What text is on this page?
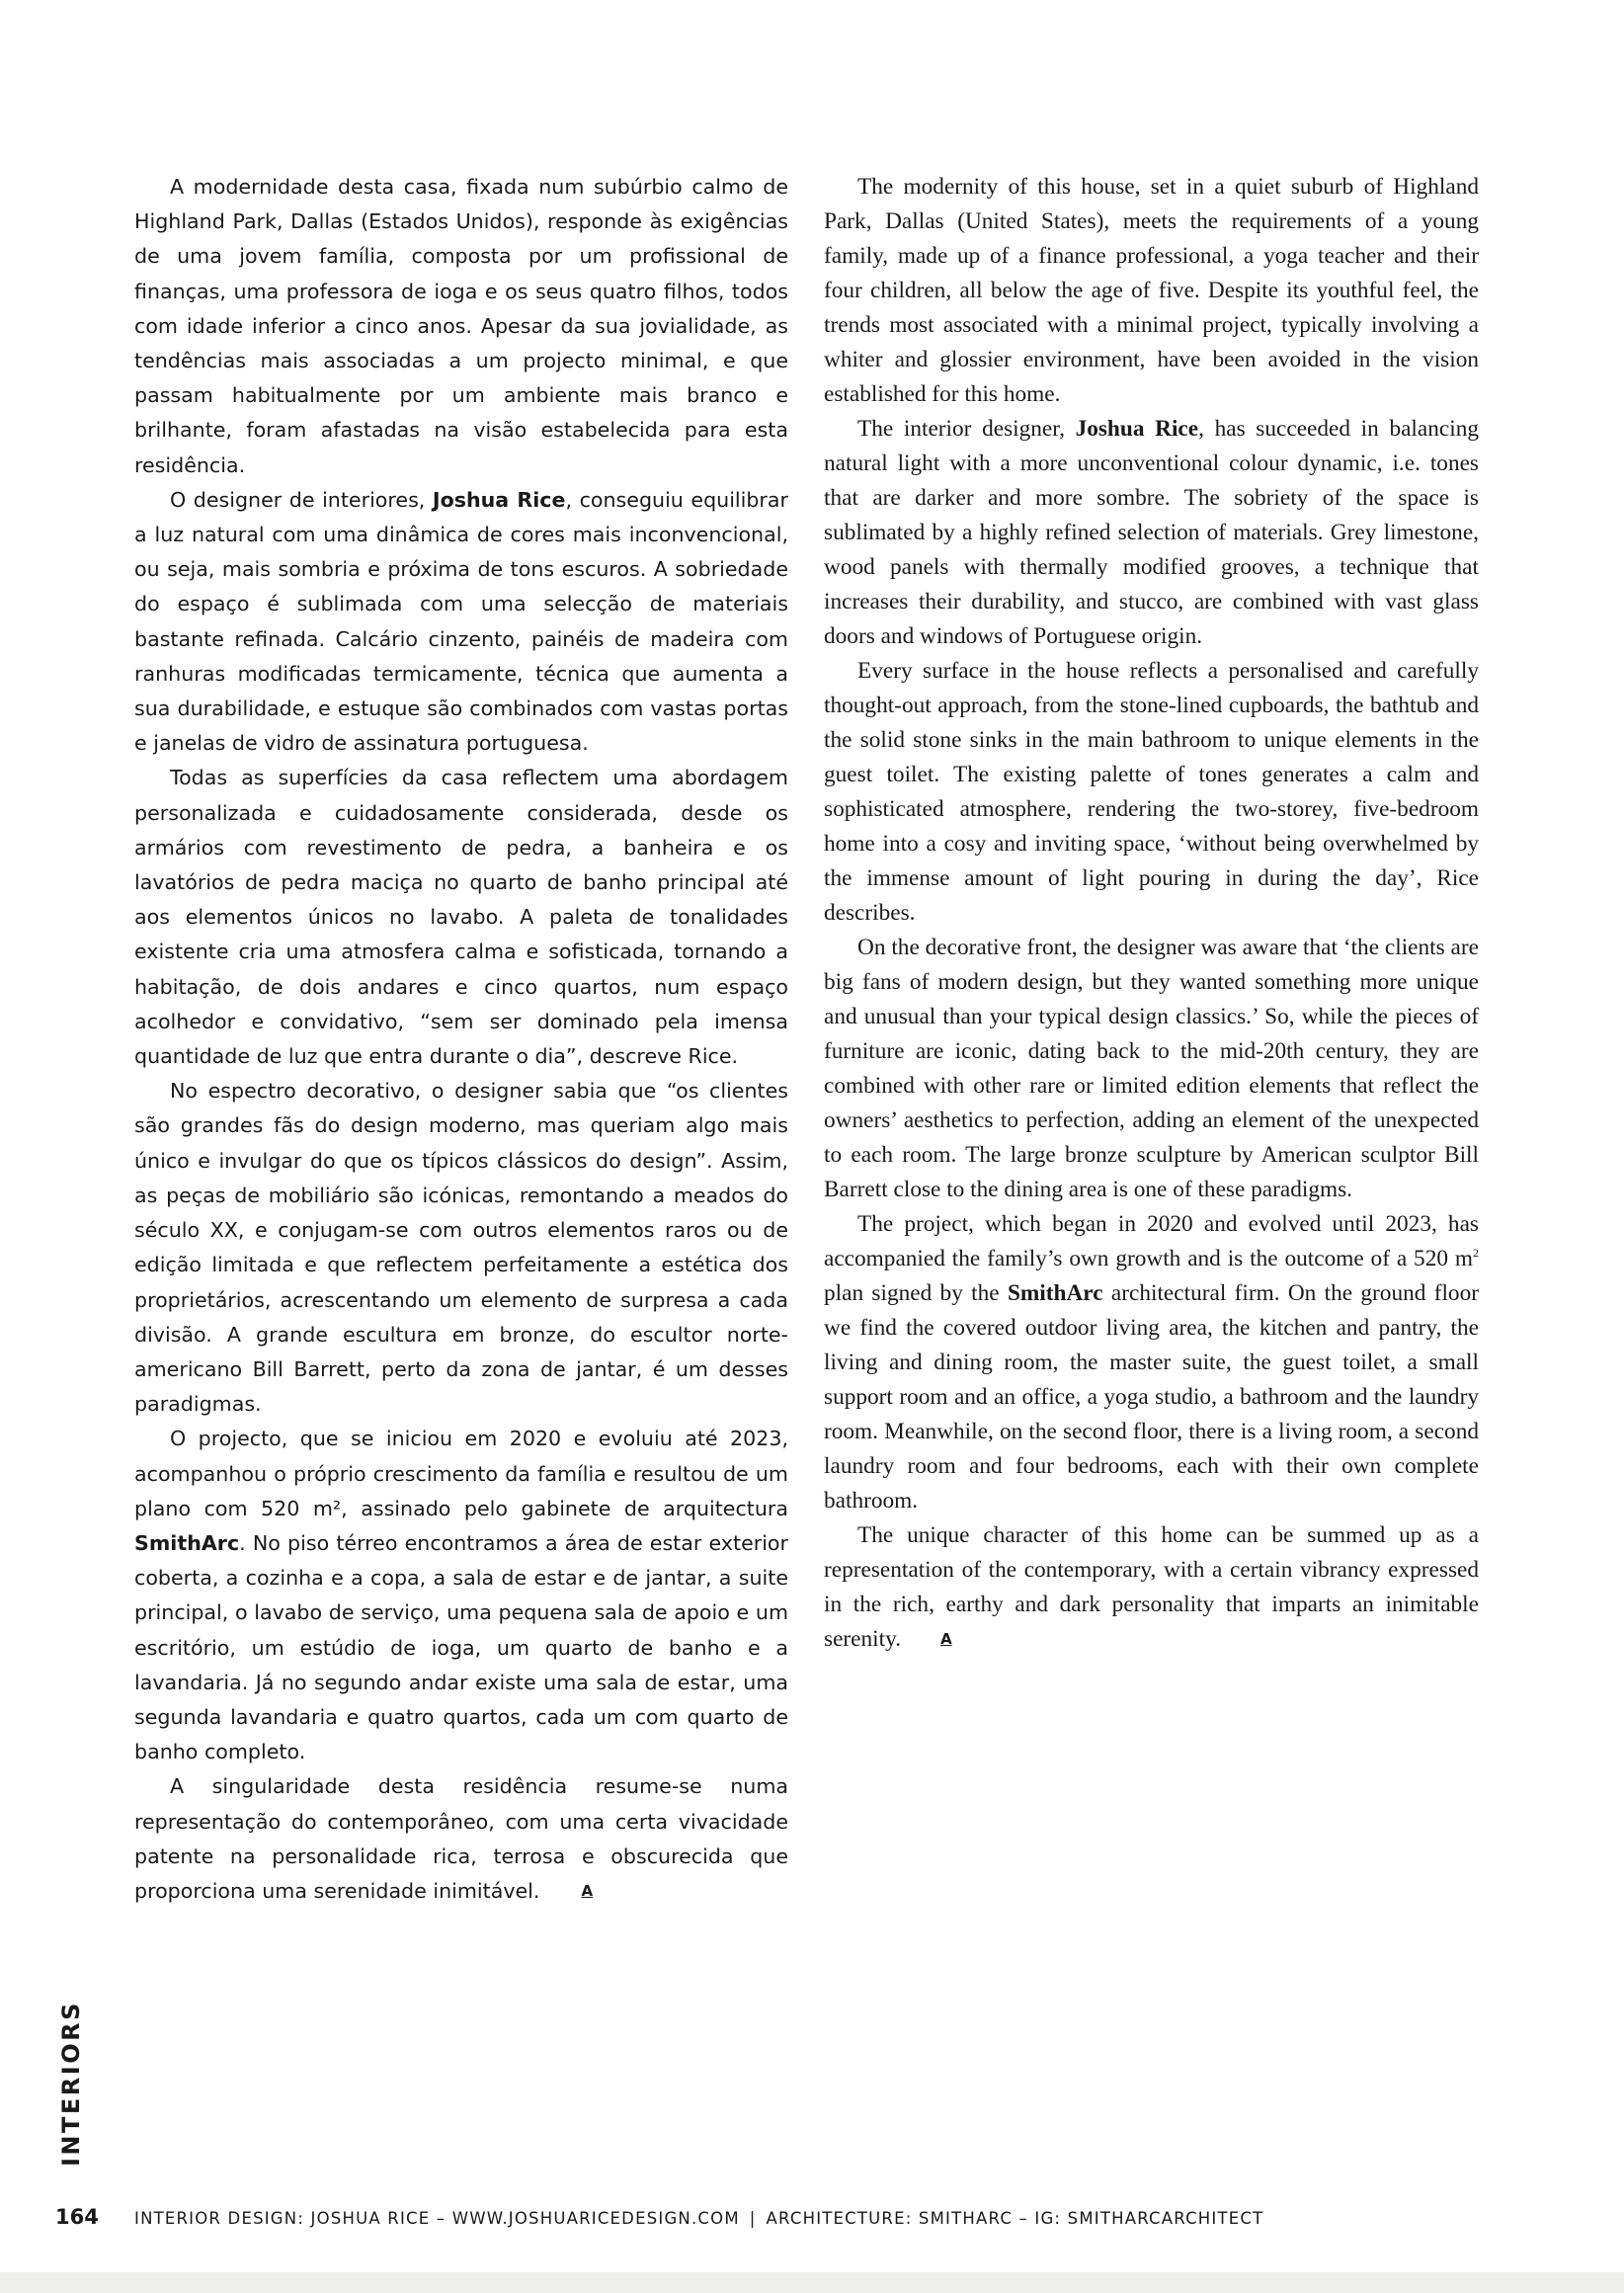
A modernidade desta casa, fixada num subúrbio calmo de Highland Park, Dallas (Estados Unidos), responde às exigências de uma jovem família, composta por um profissional de finanças, uma professora de ioga e os seus quatro filhos, todos com idade inferior a cinco anos. Apesar da sua jovialidade, as tendências mais associadas a um projecto minimal, e que passam habitualmente por um ambiente mais branco e brilhante, foram afastadas na visão estabelecida para esta residência.

O designer de interiores, Joshua Rice, conseguiu equilibrar a luz natural com uma dinâmica de cores mais inconvencional, ou seja, mais sombria e próxima de tons escuros. A sobriedade do espaço é sublimada com uma selecção de materiais bastante refinada. Calcário cinzento, painéis de madeira com ranhuras modificadas termicamente, técnica que aumenta a sua durabilidade, e estuque são combinados com vastas portas e janelas de vidro de assinatura portuguesa.

Todas as superfícies da casa reflectem uma abordagem personalizada e cuidadosamente considerada, desde os armários com revestimento de pedra, a banheira e os lavatórios de pedra maciça no quarto de banho principal até aos elementos únicos no lavabo. A paleta de tonalidades existente cria uma atmosfera calma e sofisticada, tornando a habitação, de dois andares e cinco quartos, num espaço acolhedor e convidativo, “sem ser dominado pela imensa quantidade de luz que entra durante o dia”, descreve Rice.

No espectro decorativo, o designer sabia que “os clientes são grandes fãs do design moderno, mas queriam algo mais único e invulgar do que os típicos clássicos do design”. Assim, as peças de mobiliário são icónicas, remontando a meados do século XX, e conjugam-se com outros elementos raros ou de edição limitada e que reflectem perfeitamente a estética dos proprietários, acrescentando um elemento de surpresa a cada divisão. A grande escultura em bronze, do escultor norte-americano Bill Barrett, perto da zona de jantar, é um desses paradigmas.

O projecto, que se iniciou em 2020 e evoluiu até 2023, acompanhou o próprio crescimento da família e resultou de um plano com 520 m², assinado pelo gabinete de arquitectura SmithArc. No piso térreo encontramos a área de estar exterior coberta, a cozinha e a copa, a sala de estar e de jantar, a suite principal, o lavabo de serviço, uma pequena sala de apoio e um escritório, um estúdio de ioga, um quarto de banho e a lavandaria. Já no segundo andar existe uma sala de estar, uma segunda lavandaria e quatro quartos, cada um com quarto de banho completo.

A singularidade desta residência resume-se numa representação do contemporâneo, com uma certa vivacidade patente na personalidade rica, terrosa e obscurecida que proporciona uma serenidade inimitável.	A

The modernity of this house, set in a quiet suburb of Highland Park, Dallas (United States), meets the requirements of a young family, made up of a finance professional, a yoga teacher and their four children, all below the age of five. Despite its youthful feel, the trends most associated with a minimal project, typically involving a whiter and glossier environment, have been avoided in the vision established for this home.

The interior designer, Joshua Rice, has succeeded in balancing natural light with a more unconventional colour dynamic, i.e. tones that are darker and more sombre. The sobriety of the space is sublimated by a highly refined selection of materials. Grey limestone, wood panels with thermally modified grooves, a technique that increases their durability, and stucco, are combined with vast glass doors and windows of Portuguese origin.

Every surface in the house reflects a personalised and carefully thought-out approach, from the stone-lined cupboards, the bathtub and the solid stone sinks in the main bathroom to unique elements in the guest toilet. The existing palette of tones generates a calm and sophisticated atmosphere, rendering the two-storey, five-bedroom home into a cosy and inviting space, ‘without being overwhelmed by the immense amount of light pouring in during the day’, Rice describes.

On the decorative front, the designer was aware that ‘the clients are big fans of modern design, but they wanted something more unique and unusual than your typical design classics.’ So, while the pieces of furniture are iconic, dating back to the mid-20th century, they are combined with other rare or limited edition elements that reflect the owners’ aesthetics to perfection, adding an element of the unexpected to each room. The large bronze sculpture by American sculptor Bill Barrett close to the dining area is one of these paradigms.

The project, which began in 2020 and evolved until 2023, has accompanied the family’s own growth and is the outcome of a 520 $m^2$ plan signed by the SmithArc architectural firm. On the ground floor we find the covered outdoor living area, the kitchen and pantry, the living and dining room, the master suite, the guest toilet, a small support room and an office, a yoga studio, a bathroom and the laundry room. Meanwhile, on the second floor, there is a living room, a second laundry room and four bedrooms, each with their own complete bathroom.

The unique character of this home can be summed up as a representation of the contemporary, with a certain vibrancy expressed in the rich, earthy and dark personality that imparts an inimitable serenity.	A

INTERIORS
164 INTERIOR DESIGN: JOSHUA RICE – WWW.JOSHUARICEDESIGN.COM | ARCHITECTURE: SMITHARC – IG: SMITHARCARCHITECT
